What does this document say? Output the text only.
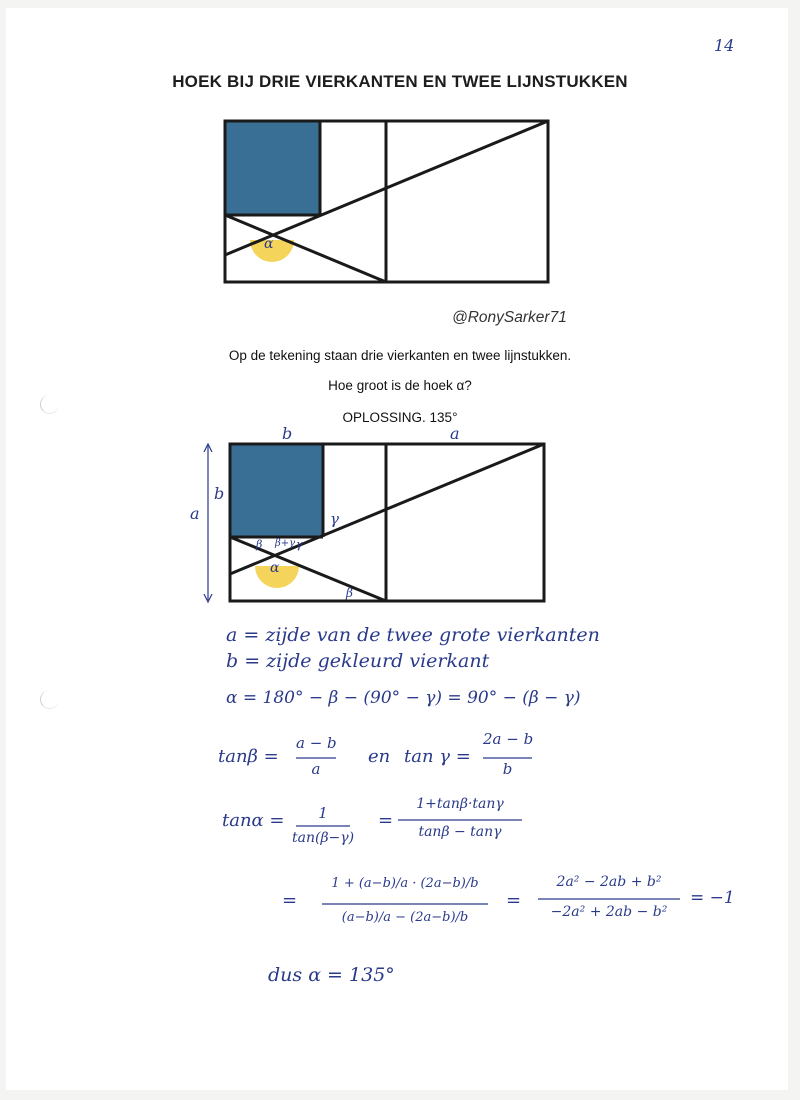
14
HOEK BIJ DRIE VIERKANTEN EN TWEE LIJNSTUKKEN
α
@RonySarker71
Op de tekening staan drie vierkanten en twee lijnstukken.
Hoe groot is de hoek α?
OPLOSSING. 135°
b	a
a
b
γ
β β+γ γ
α
β
a = zijde van de twee grote vierkanten
b = zijde gekleurd vierkant
α = 180° − β − (90° − γ) = 90° − (β − γ)
tanβ =
a − b
a
en tan γ =
2a − b
b
tanα =	1
tan(β−γ)
=
1+tanβ·tanγ
tanβ − tanγ
=
1 + (a−b)/a · (2a−b)/b
(a−b)/a − (2a−b)/b
=
2a² − 2ab + b²
−2a² + 2ab − b²
= −1
dus α = 135°
